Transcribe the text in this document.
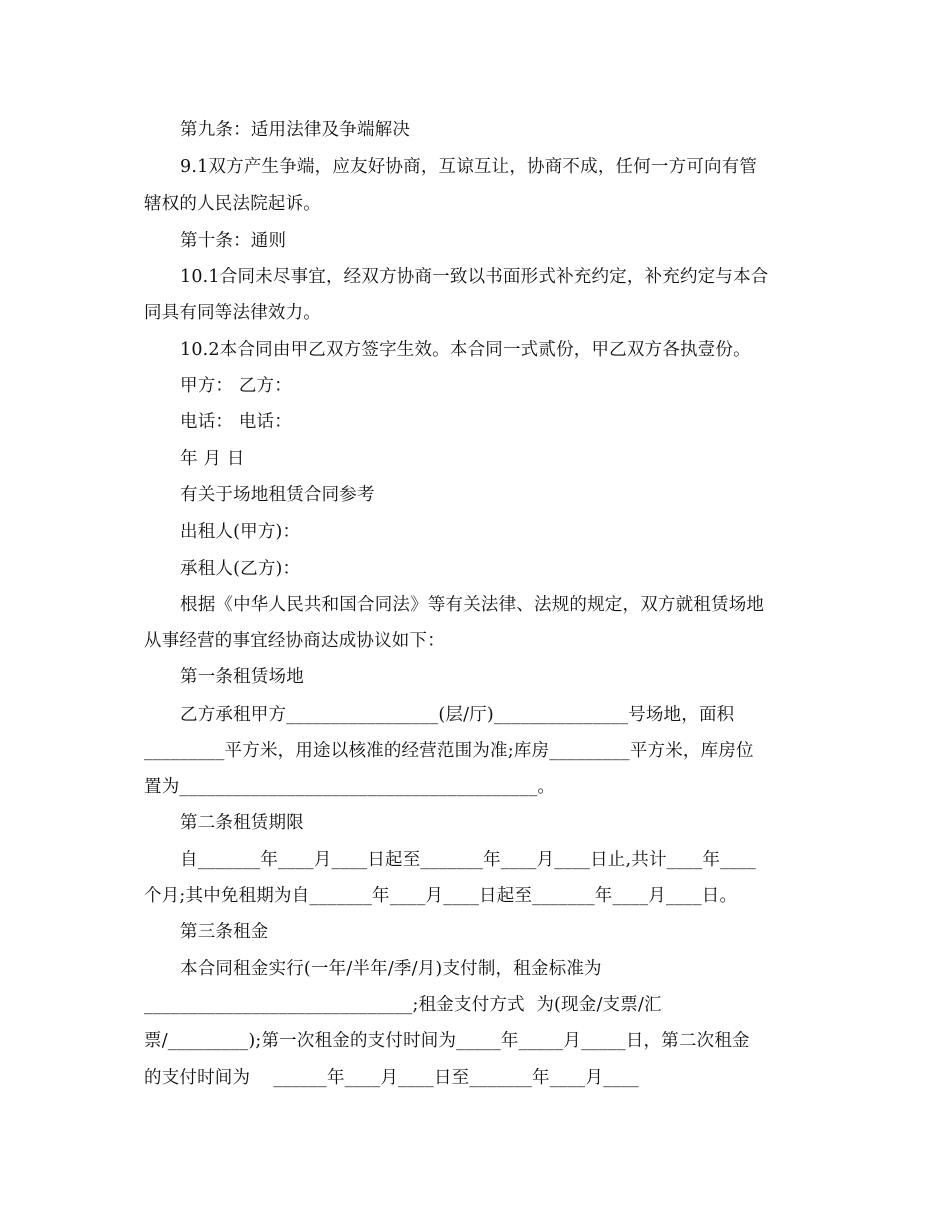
第九条：适用法律及争端解决
9.1双方产生争端，应友好协商，互谅互让，协商不成，任何一方可向有管
辖权的人民法院起诉。
第十条：通则
10.1合同未尽事宜，经双方协商一致以书面形式补充约定，补充约定与本合
同具有同等法律效力。
10.2本合同由甲乙双方签字生效。本合同一式贰份，甲乙双方各执壹份。
甲方： 乙方：
电话： 电话：
年 月 日
有关于场地租赁合同参考
出租人(甲方)：
承租人(乙方)：
根据《中华人民共和国合同法》等有关法律、法规的规定，双方就租赁场地
从事经营的事宜经协商达成协议如下：
第一条租赁场地
乙方承租甲方_________________(层/厅)_______________号场地，面积
_________平方米，用途以核准的经营范围为准;库房_________平方米，库房位
置为________________________________________。
第二条租赁期限
自_______年____月____日起至_______年____月____日止,共计____年____
个月;其中免租期为自_______年____月____日起至_______年____月____日。
第三条租金
本合同租金实行(一年/半年/季/月)支付制，租金标准为
______________________________;租金支付方式  为(现金/支票/汇
票/_________);第一次租金的支付时间为_____年_____月_____日，第二次租金
的支付时间为    ______年____月____日至_______年____月____
